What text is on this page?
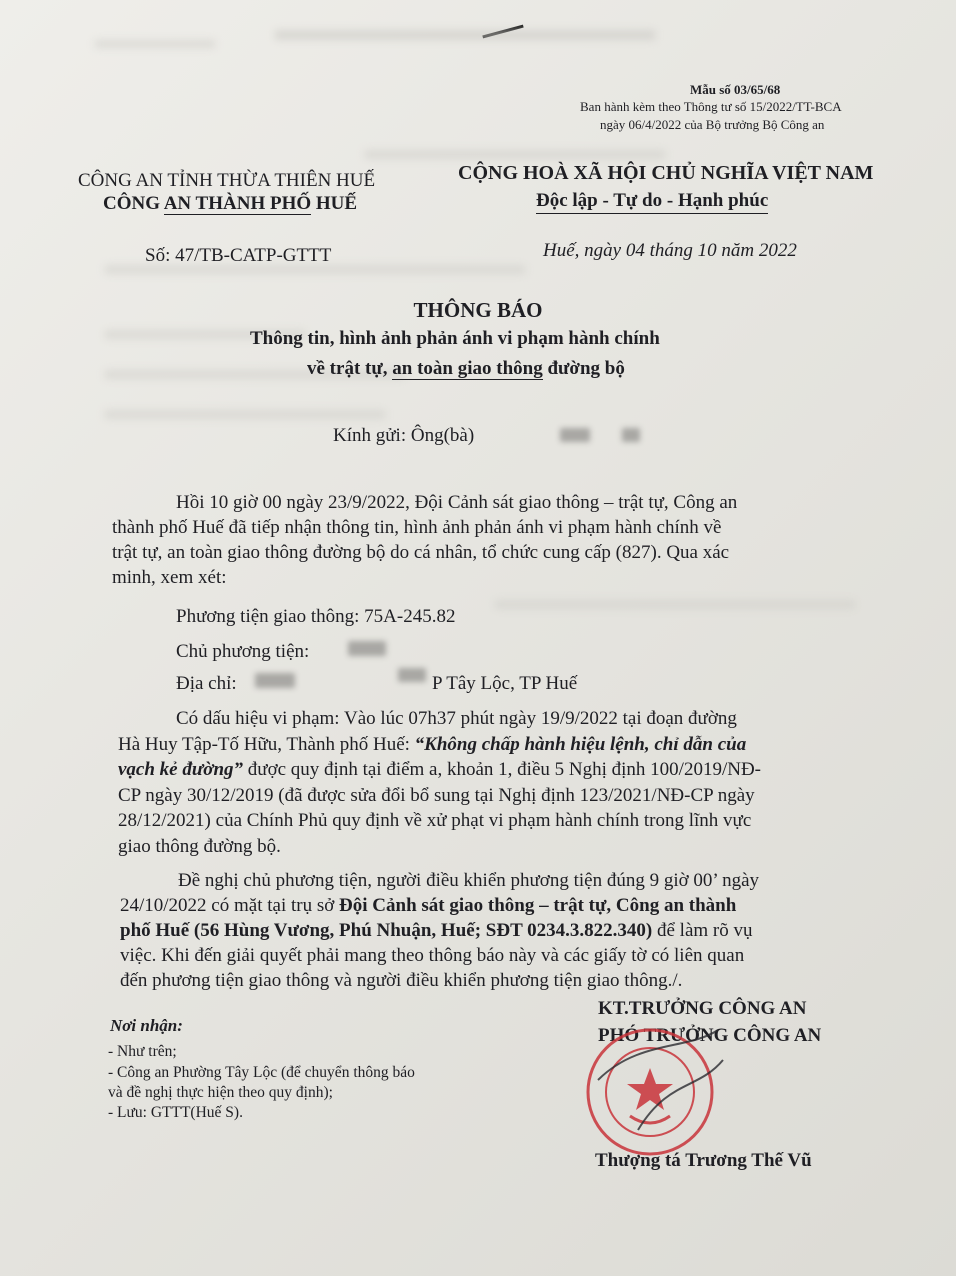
Mẫu số 03/65/68
Ban hành kèm theo Thông tư số 15/2022/TT-BCA
ngày 06/4/2022 của Bộ trưởng Bộ Công an
CÔNG AN TỈNH THỪA THIÊN HUẾ
CÔNG AN THÀNH PHỐ HUẾ
CỘNG HOÀ XÃ HỘI CHỦ NGHĨA VIỆT NAM
Độc lập - Tự do - Hạnh phúc
Số: 47/TB-CATP-GTTT	Huế, ngày 04 tháng 10 năm 2022
THÔNG BÁO
Thông tin, hình ảnh phản ánh vi phạm hành chính
về trật tự, an toàn giao thông đường bộ
Kính gửi: Ông(bà)
Hồi 10 giờ 00 ngày 23/9/2022, Đội Cảnh sát giao thông – trật tự, Công an
thành phố Huế đã tiếp nhận thông tin, hình ảnh phản ánh vi phạm hành chính về
trật tự, an toàn giao thông đường bộ do cá nhân, tổ chức cung cấp (827). Qua xác
minh, xem xét:
Phương tiện giao thông: 75A-245.82
Chủ phương tiện:
Địa chỉ:	P Tây Lộc, TP Huế
Có dấu hiệu vi phạm: Vào lúc 07h37 phút ngày 19/9/2022 tại đoạn đường
Hà Huy Tập-Tố Hữu, Thành phố Huế: “Không chấp hành hiệu lệnh, chỉ dẫn của
vạch kẻ đường” được quy định tại điểm a, khoản 1, điều 5 Nghị định 100/2019/NĐ-
CP ngày 30/12/2019 (đã được sửa đổi bổ sung tại Nghị định 123/2021/NĐ-CP ngày
28/12/2021) của Chính Phủ quy định về xử phạt vi phạm hành chính trong lĩnh vực
giao thông đường bộ.
Đề nghị chủ phương tiện, người điều khiển phương tiện đúng 9 giờ 00’ ngày
24/10/2022 có mặt tại trụ sở Đội Cảnh sát giao thông – trật tự, Công an thành
phố Huế (56 Hùng Vương, Phú Nhuận, Huế; SĐT 0234.3.822.340) để làm rõ vụ
việc. Khi đến giải quyết phải mang theo thông báo này và các giấy tờ có liên quan
đến phương tiện giao thông và người điều khiển phương tiện giao thông./.
Nơi nhận:
- Như trên;
- Công an Phường Tây Lộc (để chuyển thông báo
và đề nghị thực hiện theo quy định);
- Lưu: GTTT(Huế S).
KT.TRƯỞNG CÔNG AN
PHÓ TRƯỞNG CÔNG AN
Thượng tá Trương Thế Vũ
